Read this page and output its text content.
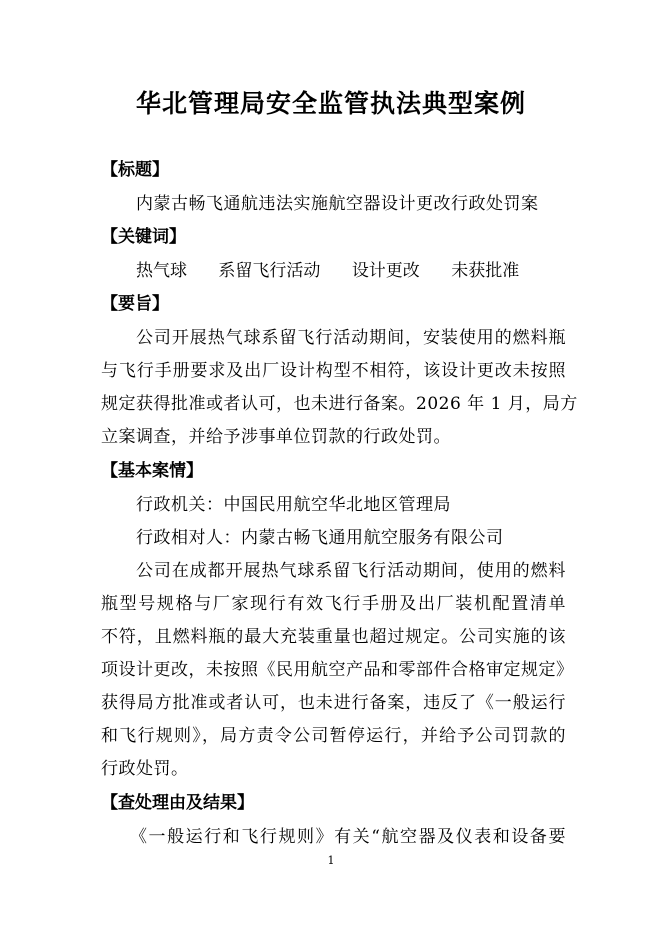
华北管理局安全监管执法典型案例
【标题】
内蒙古畅飞通航违法实施航空器设计更改行政处罚案
【关键词】
热气球 系留飞行活动 设计更改 未获批准
【要旨】
公司开展热气球系留飞行活动期间，安装使用的燃料瓶
与飞行手册要求及出厂设计构型不相符，该设计更改未按照
规定获得批准或者认可，也未进行备案。2026 年 1 月，局方
立案调查，并给予涉事单位罚款的行政处罚。
【基本案情】
行政机关：中国民用航空华北地区管理局
行政相对人：内蒙古畅飞通用航空服务有限公司
公司在成都开展热气球系留飞行活动期间，使用的燃料
瓶型号规格与厂家现行有效飞行手册及出厂装机配置清单
不符，且燃料瓶的最大充装重量也超过规定。公司实施的该
项设计更改，未按照《民用航空产品和零部件合格审定规定》
获得局方批准或者认可，也未进行备案，违反了《一般运行
和飞行规则》，局方责令公司暂停运行，并给予公司罚款的
行政处罚。
【查处理由及结果】
《一般运行和飞行规则》有关“航空器及仪表和设备要
1
